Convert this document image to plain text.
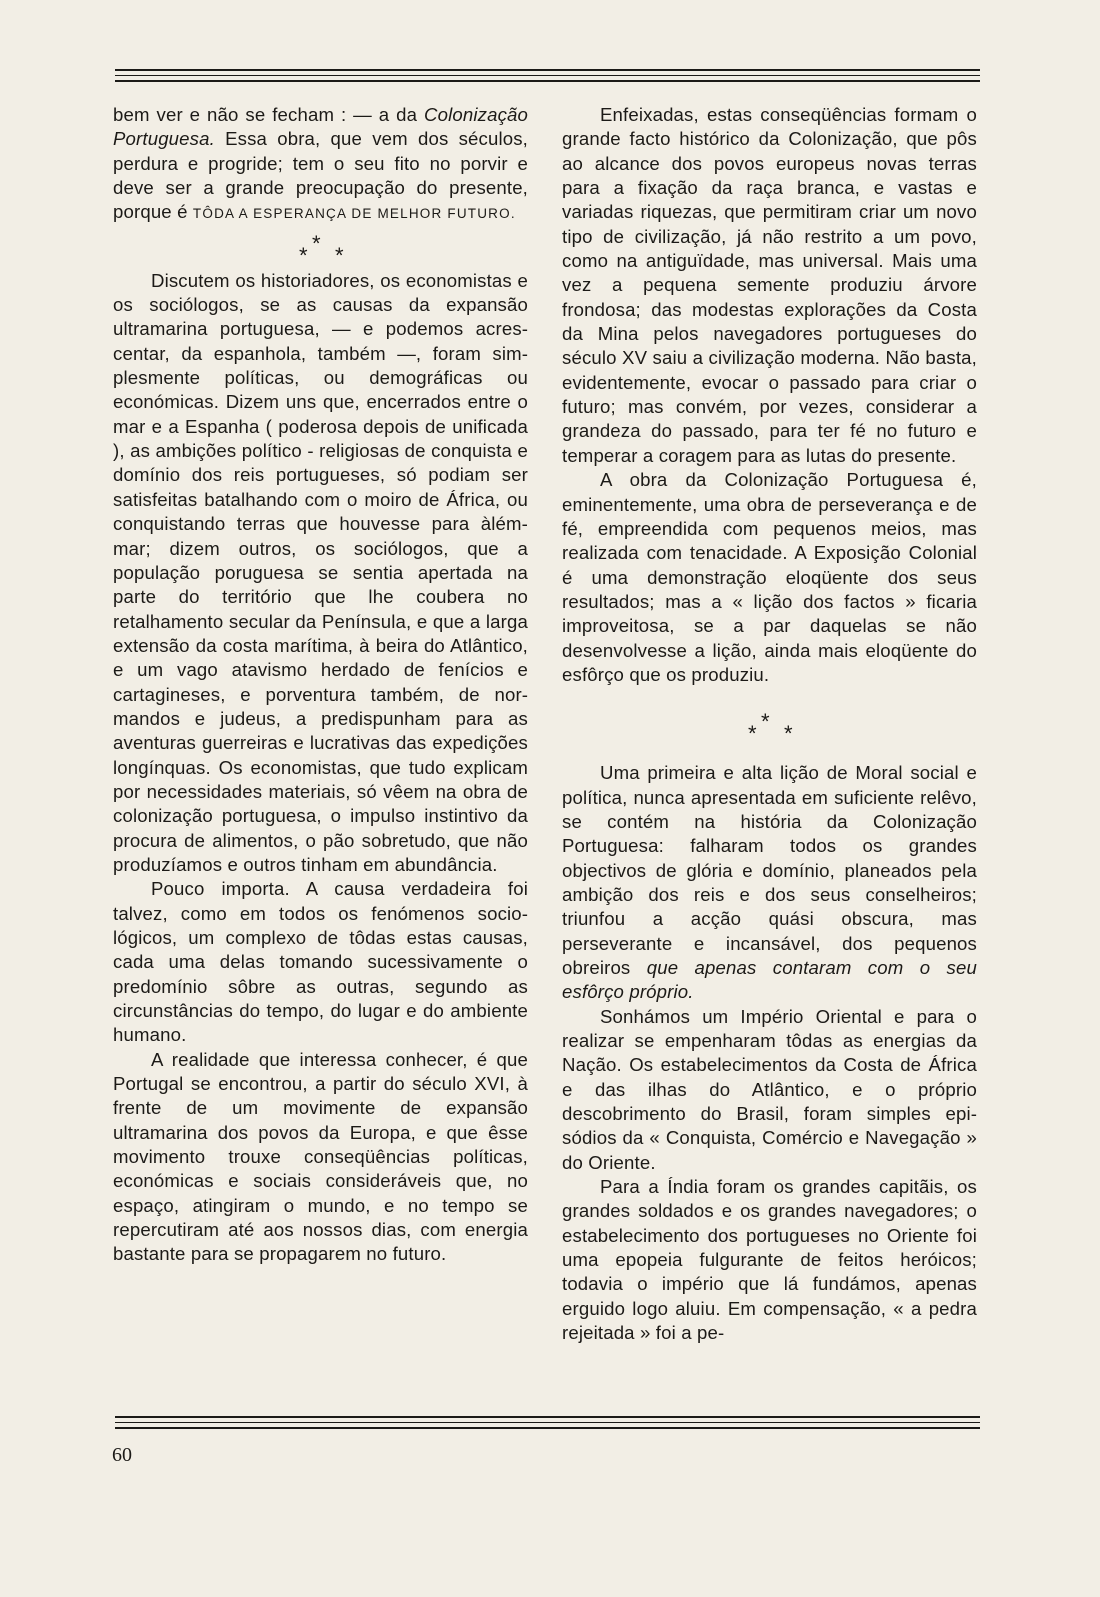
bem ver e não se fecham : — a da Colonização Portuguesa. Essa obra, que vem dos séculos, perdura e progride; tem o seu fito no porvir e deve ser a grande preocupação do presente, porque é TÔDA A ESPERANÇA DE MELHOR FUTURO.

* * *

Discutem os historiadores, os economistas e os sociólogos, se as causas da expansão ultramarina portuguesa, — e podemos acrescentar, da espanhola, também —, foram simplesmente políticas, ou demográficas ou económicas. Dizem uns que, encerrados entre o mar e a Espanha ( poderosa depois de unificada ), as ambições político - religiosas de conquista e domínio dos reis portugueses, só podiam ser satisfeitas batalhando com o moiro de África, ou conquistando terras que houvesse para àlém-mar; dizem outros, os sociólogos, que a população poruguesa se sentia apertada na parte do território que lhe coubera no retalhamento secular da Península, e que a larga extensão da costa marítima, à beira do Atlântico, e um vago atavismo herdado de fenícios e cartagineses, e porventura também, de normandos e judeus, a predispunham para as aventuras guerreiras e lucrativas das expedições longínquas. Os economistas, que tudo explicam por necessidades materiais, só vêem na obra de colonização portuguesa, o impulso instintivo da procura de alimentos, o pão sobretudo, que não produzíamos e outros tinham em abundância.

Pouco importa. A causa verdadeira foi talvez, como em todos os fenómenos sociológicos, um complexo de tôdas estas causas, cada uma delas tomando sucessivamente o predomínio sôbre as outras, segundo as circunstâncias do tempo, do lugar e do ambiente humano.

A realidade que interessa conhecer, é que Portugal se encontrou, a partir do século XVI, à frente de um movimente de expansão ultramarina dos povos da Europa, e que êsse movimento trouxe conseqüências políticas, económicas e sociais consideráveis que, no espaço, atingiram o mundo, e no tempo se repercutiram até aos nossos dias, com energia bastante para se propagarem no futuro.

Enfeixadas, estas conseqüências formam o grande facto histórico da Colonização, que pôs ao alcance dos povos europeus novas terras para a fixação da raça branca, e vastas e variadas riquezas, que permitiram criar um novo tipo de civilização, já não restrito a um povo, como na antiguïdade, mas universal. Mais uma vez a pequena semente produziu árvore frondosa; das modestas explorações da Costa da Mina pelos navegadores portugueses do século XV saiu a civilização moderna. Não basta, evidentemente, evocar o passado para criar o futuro; mas convém, por vezes, considerar a grandeza do passado, para ter fé no futuro e temperar a coragem para as lutas do presente.

A obra da Colonização Portuguesa é, eminentemente, uma obra de perseverança e de fé, empreendida com pequenos meios, mas realizada com tenacidade. A Exposição Colonial é uma demonstração eloqüente dos seus resultados; mas a « lição dos factos » ficaria improveitosa, se a par daquelas se não desenvolvesse a lição, ainda mais eloqüente do esfôrço que os produziu.

* * *

Uma primeira e alta lição de Moral social e política, nunca apresentada em suficiente relêvo, se contém na história da Colonização Portuguesa: falharam todos os grandes objectivos de glória e domínio, planeados pela ambição dos reis e dos seus conselheiros; triunfou a acção quási obscura, mas perseverante e incansável, dos pequenos obreiros que apenas contaram com o seu esfôrço próprio.

Sonhámos um Império Oriental e para o realizar se empenharam tôdas as energias da Nação. Os estabelecimentos da Costa de África e das ilhas do Atlântico, e o próprio descobrimento do Brasil, foram simples episódios da « Conquista, Comércio e Navegação » do Oriente.

Para a Índia foram os grandes capitãis, os grandes soldados e os grandes navegadores; o estabelecimento dos portugueses no Oriente foi uma epopeia fulgurante de feitos heróicos; todavia o império que lá fundámos, apenas erguido logo aluiu. Em compensação, « a pedra rejeitada » foi a pe-

60
